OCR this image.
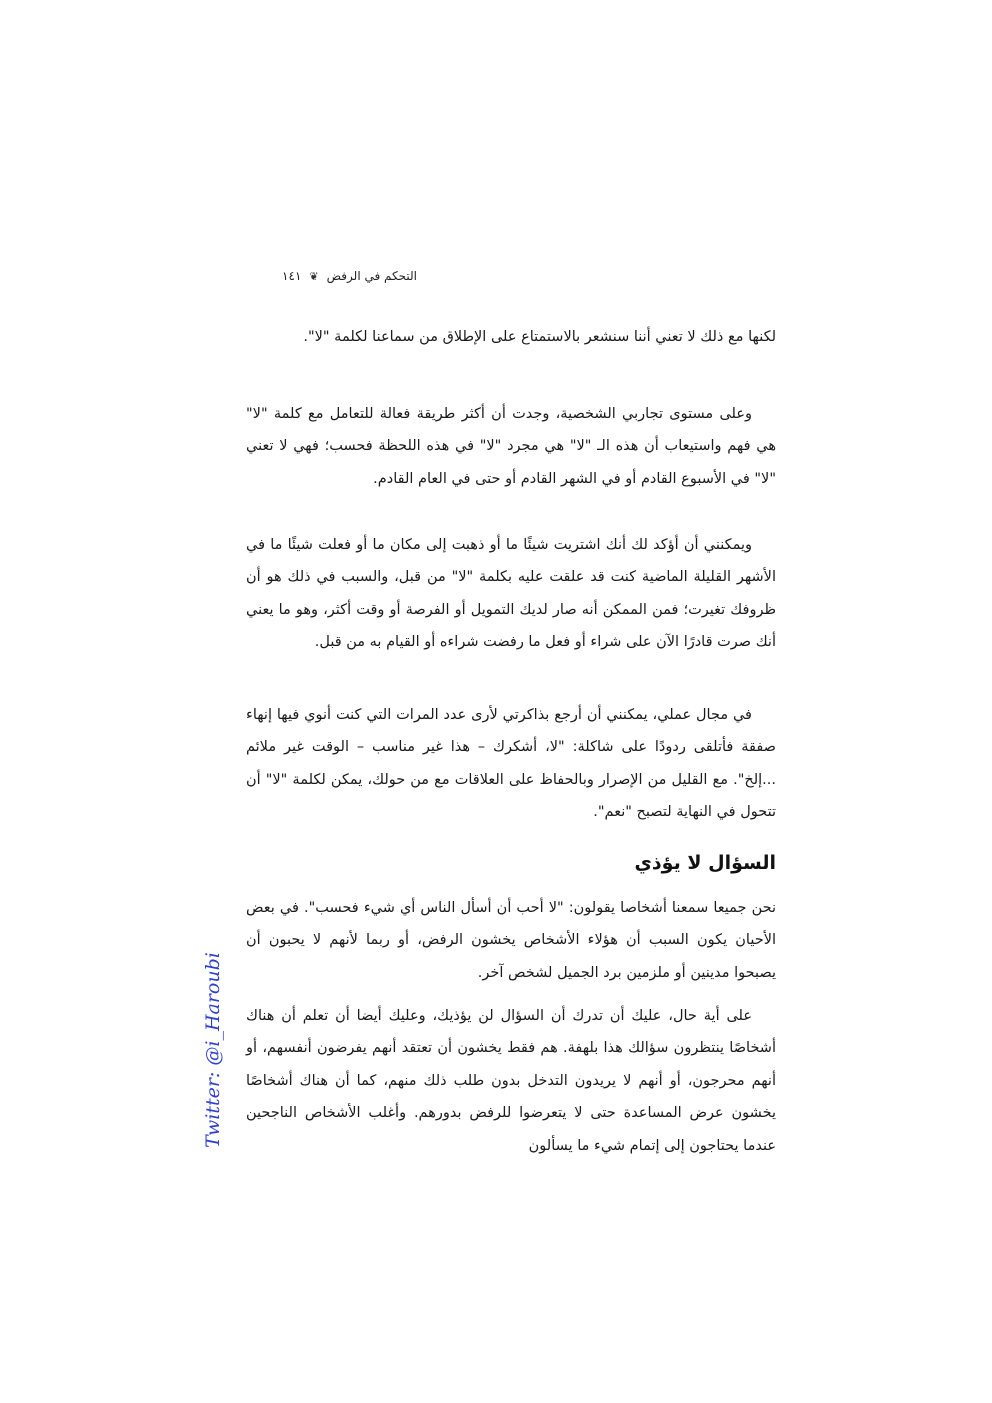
التحكم في الرفض
❦
١٤١

لكنها مع ذلك لا تعني أننا سنشعر بالاستمتاع على الإطلاق من سماعنا لكلمة "لا".

وعلى مستوى تجاربي الشخصية، وجدت أن أكثر طريقة فعالة للتعامل مع كلمة "لا" هي فهم واستيعاب أن هذه الـ "لا" هي مجرد "لا" في هذه اللحظة فحسب؛ فهي لا تعني "لا" في الأسبوع القادم أو في الشهر القادم أو حتى في العام القادم.

ويمكنني أن أؤكد لك أنك اشتريت شيئًا ما أو ذهبت إلى مكان ما أو فعلت شيئًا ما في الأشهر القليلة الماضية كنت قد علقت عليه بكلمة "لا" من قبل، والسبب في ذلك هو أن ظروفك تغيرت؛ فمن الممكن أنه صار لديك التمويل أو الفرصة أو وقت أكثر، وهو ما يعني أنك صرت قادرًا الآن على شراء أو فعل ما رفضت شراءه أو القيام به من قبل.

في مجال عملي، يمكنني أن أرجع بذاكرتي لأرى عدد المرات التي كنت أنوي فيها إنهاء صفقة فأتلقى ردودًا على شاكلة: "لا، أشكرك – هذا غير مناسب – الوقت غير ملائم ...إلخ". مع القليل من الإصرار وبالحفاظ على العلاقات مع من حولك، يمكن لكلمة "لا" أن تتحول في النهاية لتصبح "نعم".

السؤال لا يؤذي

نحن جميعا سمعنا أشخاصا يقولون: "لا أحب أن أسأل الناس أي شيء فحسب". في بعض الأحيان يكون السبب أن هؤلاء الأشخاص يخشون الرفض، أو ربما لأنهم لا يحبون أن يصبحوا مدينين أو ملزمين برد الجميل لشخص آخر.

على أية حال، عليك أن تدرك أن السؤال لن يؤذيك، وعليك أيضا أن تعلم أن هناك أشخاصًا ينتظرون سؤالك هذا بلهفة. هم فقط يخشون أن تعتقد أنهم يفرضون أنفسهم، أو أنهم محرجون، أو أنهم لا يريدون التدخل بدون طلب ذلك منهم، كما أن هناك أشخاصًا يخشون عرض المساعدة حتى لا يتعرضوا للرفض بدورهم. وأغلب الأشخاص الناجحين عندما يحتاجون إلى إتمام شيء ما يسألون

Twitter: @i_Haroubi
